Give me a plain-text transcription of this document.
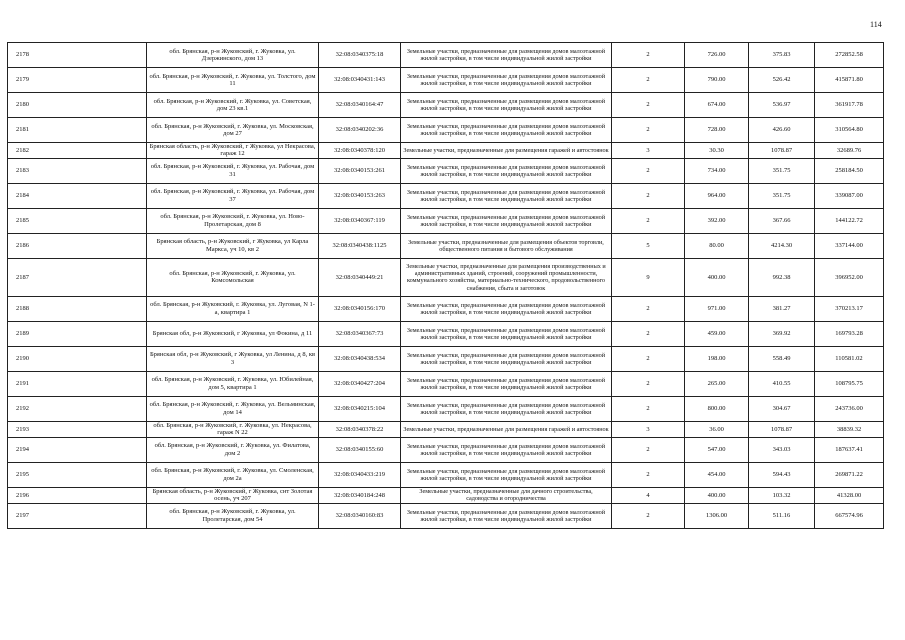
114
2178	обл. Брянская, р-н Жуковский, г. Жуковка, ул. Дзержинского, дом 13	32:08:0340375:18	Земельные участки, предназначенные для размещения домов малоэтажной жилой застройки, в том числе индивидуальной жилой застройки	2	726.00	375.83	272852.58
2179	обл. Брянская, р-н Жуковский, г. Жуковка, ул. Толстого, дом 11	32:08:0340431:143	Земельные участки, предназначенные для размещения домов малоэтажной жилой застройки, в том числе индивидуальной жилой застройки	2	790.00	526.42	415871.80
2180	обл. Брянская, р-н Жуковский, г. Жуковка, ул. Советская, дом 23 кв.1	32:08:0340164:47	Земельные участки, предназначенные для размещения домов малоэтажной жилой застройки, в том числе индивидуальной жилой застройки	2	674.00	536.97	361917.78
2181	обл. Брянская, р-н Жуковский, г. Жуковка, ул. Московская, дом 27	32:08:0340202:36	Земельные участки, предназначенные для размещения домов малоэтажной жилой застройки, в том числе индивидуальной жилой застройки	2	728.00	426.60	310564.80
2182	Брянская область, р-н Жуковский, г Жуковка, ул Некрасова, гараж 12	32:08:0340378:120	Земельные участки, предназначенные для размещения гаражей и автостоянок	3	30.30	1078.87	32689.76
2183	обл. Брянская, р-н Жуковский, г. Жуковка, ул. Рабочая, дом 31	32:08:0340153:261	Земельные участки, предназначенные для размещения домов малоэтажной жилой застройки, в том числе индивидуальной жилой застройки	2	734.00	351.75	258184.50
2184	обл. Брянская, р-н Жуковский, г. Жуковка, ул. Рабочая, дом 37	32:08:0340153:263	Земельные участки, предназначенные для размещения домов малоэтажной жилой застройки, в том числе индивидуальной жилой застройки	2	964.00	351.75	339087.00
2185	обл. Брянская, р-н Жуковский, г. Жуковка, ул. Ново-Пролетарская, дом 8	32:08:0340367:119	Земельные участки, предназначенные для размещения домов малоэтажной жилой застройки, в том числе индивидуальной жилой застройки	2	392.00	367.66	144122.72
2186	Брянская область, р-н Жуковский, г Жуковка, ул Карла Маркса, уч 10, кв 2	32:08:0340438:1125	Земельные участки, предназначенные для размещения объектов торговли, общественного питания и бытового обслуживания	5	80.00	4214.30	337144.00
2187	обл. Брянская, р-н Жуковский, г. Жуковка, ул. Комсомольская	32:08:0340449:21	Земельные участки, предназначенные для размещения производственных и административных зданий, строений, сооружений промышленности, коммунального хозяйства, материально-технического, продовольственного снабжения, сбыта и заготовок	9	400.00	992.38	396952.00
2188	обл. Брянская, р-н Жуковский, г. Жуковка, ул. Луговая, N 1-а, квартира 1	32:08:0340156:170	Земельные участки, предназначенные для размещения домов малоэтажной жилой застройки, в том числе индивидуальной жилой застройки	2	971.00	381.27	370213.17
2189	Брянская обл, р-н Жуковский, г Жуковка, ул Фокина, д 11	32:08:0340367:73	Земельные участки, предназначенные для размещения домов малоэтажной жилой застройки, в том числе индивидуальной жилой застройки	2	459.00	369.92	169793.28
2190	Брянская обл, р-н Жуковский, г Жуковка, ул Ленина, д 8, кв 3	32:08:0340438:534	Земельные участки, предназначенные для размещения домов малоэтажной жилой застройки, в том числе индивидуальной жилой застройки	2	198.00	558.49	110581.02
2191	обл. Брянская, р-н Жуковский, г. Жуковка, ул. Юбилейная, дом 5, квартира 1	32:08:0340427:204	Земельные участки, предназначенные для размещения домов малоэтажной жилой застройки, в том числе индивидуальной жилой застройки	2	265.00	410.55	108795.75
2192	обл. Брянская, р-н Жуковский, г. Жуковка, ул. Вельминская, дом 14	32:08:0340215:104	Земельные участки, предназначенные для размещения домов малоэтажной жилой застройки, в том числе индивидуальной жилой застройки	2	800.00	304.67	243736.00
2193	обл. Брянская, р-н Жуковский, г. Жуковка, ул. Некрасова, гараж N 22	32:08:0340378:22	Земельные участки, предназначенные для размещения гаражей и автостоянок	3	36.00	1078.87	38839.32
2194	обл. Брянская, р-н Жуковский, г. Жуковка, ул. Филатова, дом 2	32:08:0340155:60	Земельные участки, предназначенные для размещения домов малоэтажной жилой застройки, в том числе индивидуальной жилой застройки	2	547.00	343.03	187637.41
2195	обл. Брянская, р-н Жуковский, г. Жуковка, ул. Смоленская, дом 2а	32:08:0340433:219	Земельные участки, предназначенные для размещения домов малоэтажной жилой застройки, в том числе индивидуальной жилой застройки	2	454.00	594.43	269871.22
2196	Брянская область, р-н Жуковский, г Жуковка, снт Золотая осень, уч 207	32:08:0340184:248	Земельные участки, предназначенные для дачного строительства, садоводства и огородничества	4	400.00	103.32	41328.00
2197	обл. Брянская, р-н Жуковский, г. Жуковка, ул. Пролетарская, дом 54	32:08:0340160:83	Земельные участки, предназначенные для размещения домов малоэтажной жилой застройки, в том числе индивидуальной жилой застройки	2	1306.00	511.16	667574.96
